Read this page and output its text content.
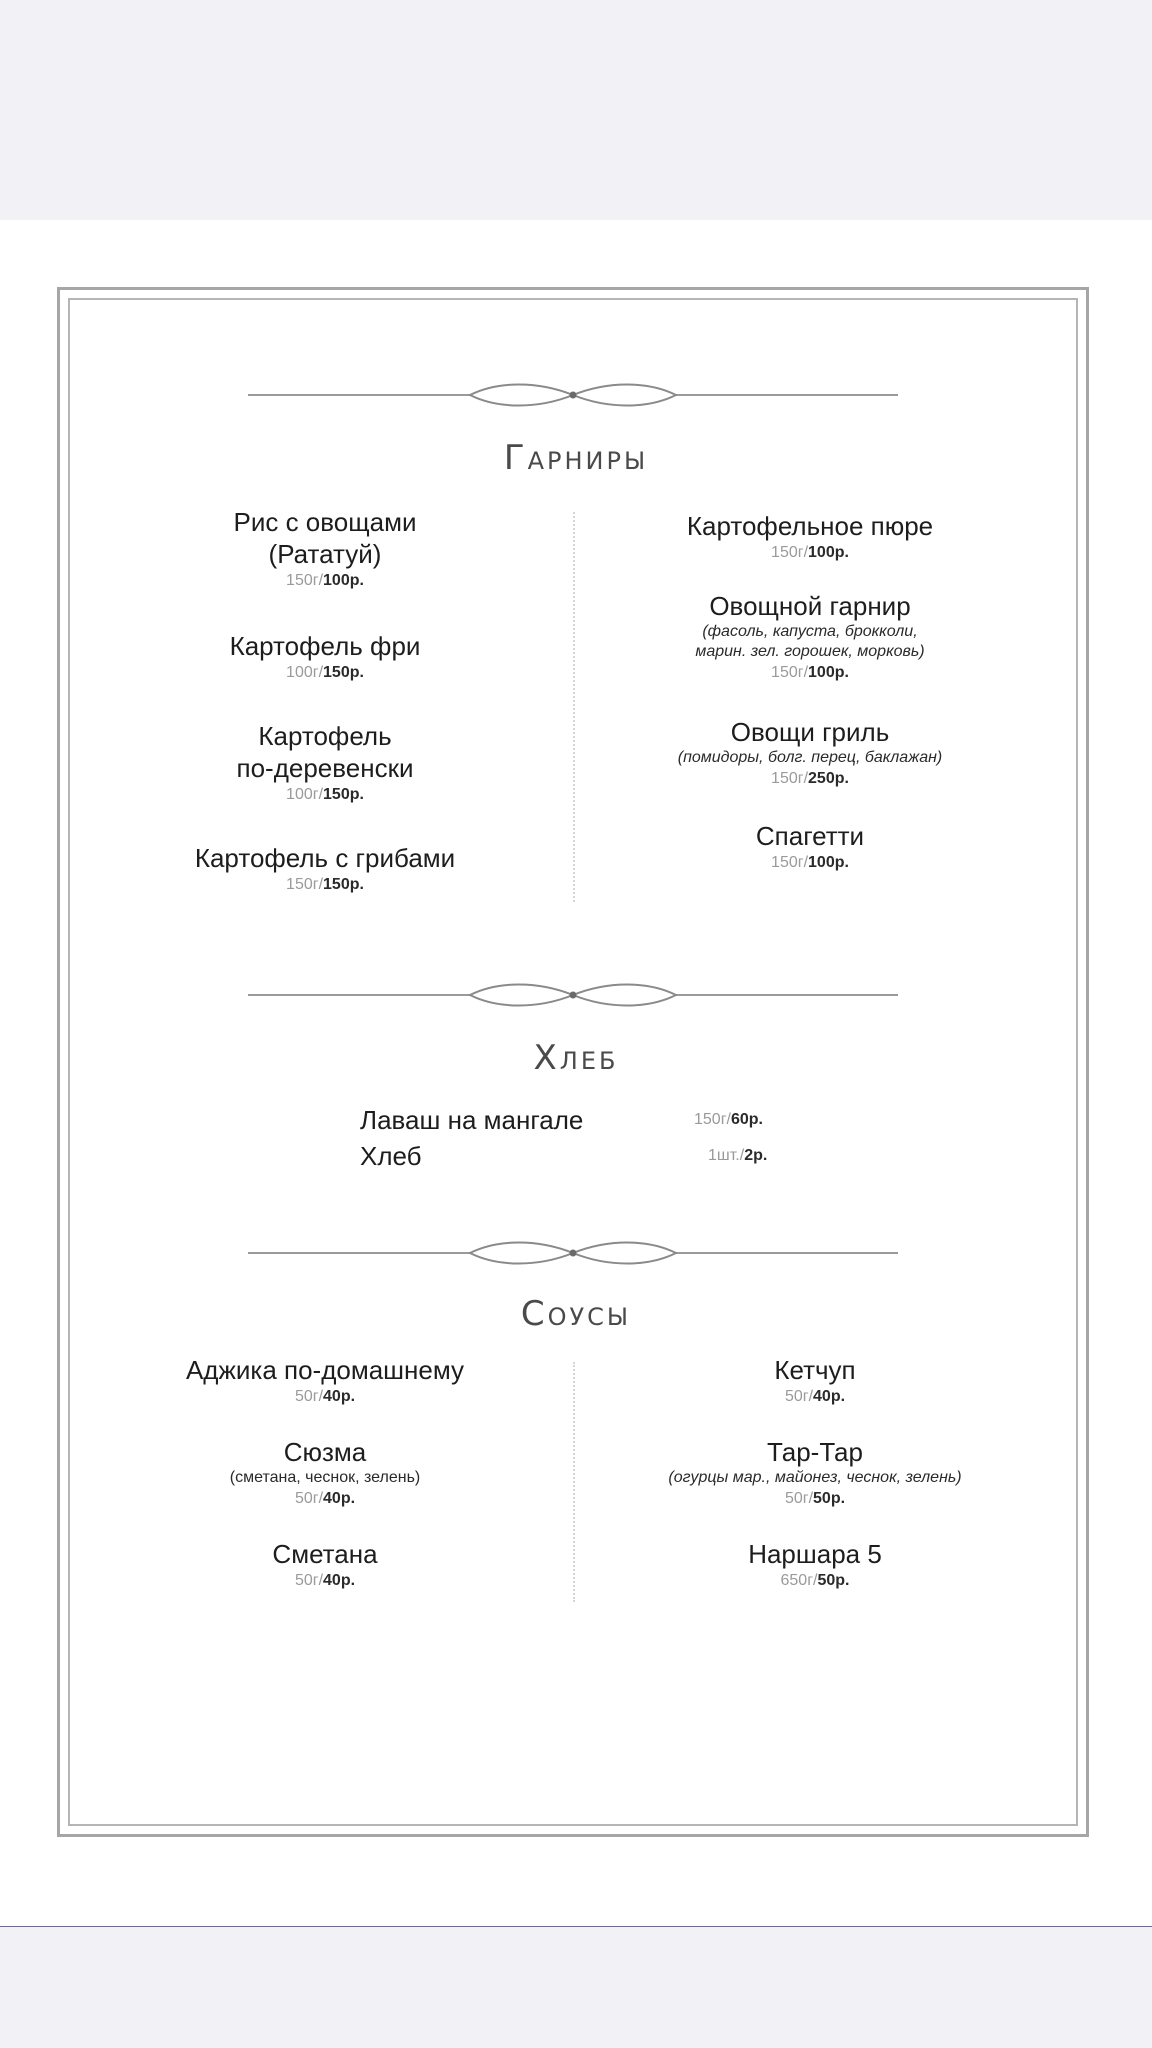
Гарниры
Рис с овощами
(Рататуй)
150г/100р.
Картофель фри
100г/150р.
Картофель
по-деревенски
100г/150р.
Картофель с грибами
150г/150р.
Картофельное пюре
150г/100р.
Овощной гарнир
(фасоль, капуста, брокколи,
марин. зел. горошек, морковь)
150г/100р.
Овощи гриль
(помидоры, болг. перец, баклажан)
150г/250р.
Спагетти
150г/100р.
Хлеб
Лаваш на мангале	150г/60р.
Хлеб	1шт./2р.
Соусы
Аджика по-домашнему
50г/40р.
Сюзма
(сметана, чеснок, зелень)
50г/40р.
Сметана
50г/40р.
Кетчуп
50г/40р.
Тар-Тар
(огурцы мар., майонез, чеснок, зелень)
50г/50р.
Наршара 5
650г/50р.
